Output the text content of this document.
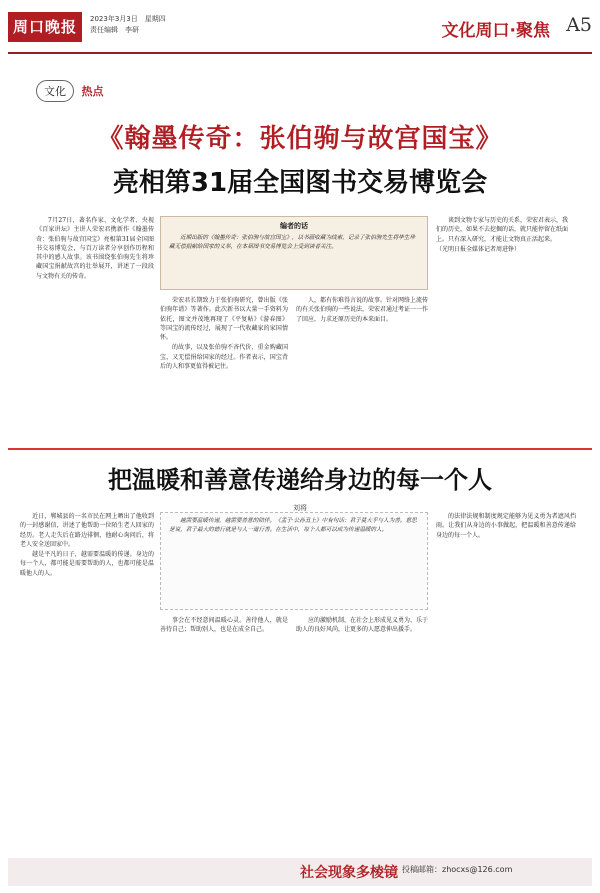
周口晚报	2023年3月3日　星期四
责任编辑　李研	文化周口·聚焦 A5
文化 热点
《翰墨传奇：张伯驹与故宫国宝》
亮相第31届全国图书交易博览会

7月27日，著名作家、文化学者、央视《百家讲坛》主讲人荣宏君携新作《翰墨传奇：张伯驹与故宫国宝》亮相第31届全国图书交易博览会，与百万读者分享创作历程和其中的感人故事。该书围绕张伯驹先生将珍藏国宝捐献故宫的壮举展开，讲述了一段段与文物有关的传奇。

编者的话

近期出版的《翰墨传奇：张伯驹与故宫国宝》，以书画收藏为线索，记录了张伯驹先生将毕生珍藏无偿捐献给国家的义举，在本届图书交易博览会上受到读者关注。

荣宏君长期致力于张伯驹研究，曾出版《张伯驹年谱》等著作。此次新书以大量一手资料为依托，图文并茂地再现了《平复帖》《游春图》等国宝的流传经过，展现了一代收藏家的家国情怀。

的故事，以及张伯驹不吝代价、重金购藏国宝，又无偿捐给国家的经过。作者表示，国宝背后的人和事更值得被记住。

人，都有你难得言说的故事。针对网络上流传的有关张伯驹的一些说法，荣宏君通过考证一一作了回应，力求还原历史的本来面目。

谈到文物专家与历史的关系，荣宏君表示，我们的历史，如果不去挖掘的话，就只能停留在纸面上。只有深入研究，才能让文物真正活起来。

（光明日报全媒体记者周进铮）

把温暖和善意传递给身边的每一个人
刘将

越需要温暖传递，越需要善意的陪伴。《孟子·公孙丑上》中有句话：君子莫大乎与人为善。意思是说，君子最大的德行就是与人一道行善。在生活中，每个人都可以成为传递温暖的人。

近日，郸城县的一名市民在网上晒出了他收到的一封感谢信，讲述了他帮助一位陌生老人回家的经历。老人走失后在路边徘徊，他耐心询问后，将老人安全送回家中。

越是平凡的日子，越需要温暖的传递。身边的每一个人，都可能是需要帮助的人，也都可能是温暖他人的人。

事会在不经意间温暖心灵。善待他人，就是善待自己；帮助别人，也是在成全自己。

应的激励机制，在社会上形成见义勇为、乐于助人的良好风尚，让更多的人愿意伸出援手。

的法律法规和制度规定能够为见义勇为者遮风挡雨。让我们从身边的小事做起，把温暖和善意传递给身边的每一个人。

社会现象多棱镜 投稿邮箱：zhocxs@126.com
